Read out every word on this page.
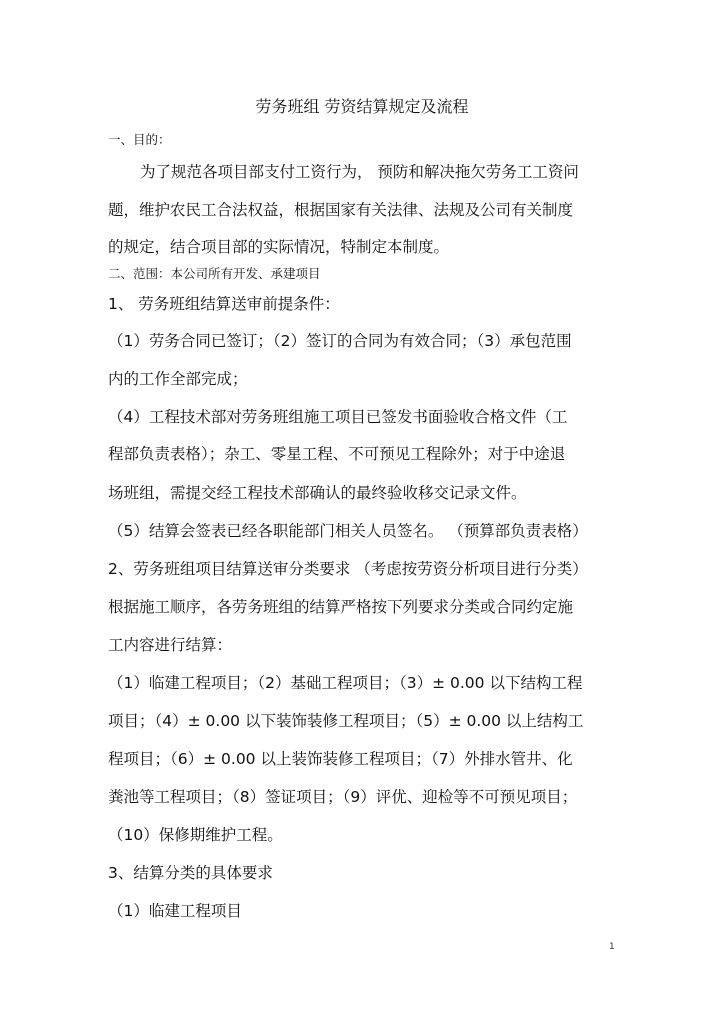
劳务班组 劳资结算规定及流程
一、目的：
为了规范各项目部支付工资行为， 预防和解决拖欠劳务工工资问
题，维护农民工合法权益，根据国家有关法律、法规及公司有关制度
的规定，结合项目部的实际情况，特制定本制度。
二、范围：本公司所有开发、承建项目
1、 劳务班组结算送审前提条件：
（1）劳务合同已签订；（2）签订的合同为有效合同；（3）承包范围
内的工作全部完成；
（4）工程技术部对劳务班组施工项目已签发书面验收合格文件（工
程部负责表格）；杂工、零星工程、不可预见工程除外；对于中途退
场班组，需提交经工程技术部确认的最终验收移交记录文件。
（5）结算会签表已经各职能部门相关人员签名。 （预算部负责表格）
2、劳务班组项目结算送审分类要求 （考虑按劳资分析项目进行分类）
根据施工顺序，各劳务班组的结算严格按下列要求分类或合同约定施
工内容进行结算：
（1）临建工程项目；（2）基础工程项目；（3）± 0.00 以下结构工程
项目；（4）± 0.00 以下装饰装修工程项目；（5）± 0.00 以上结构工
程项目；（6）± 0.00 以上装饰装修工程项目；（7）外排水管井、化
粪池等工程项目；（8）签证项目；（9）评优、迎检等不可预见项目；
（10）保修期维护工程。
3、结算分类的具体要求
（1）临建工程项目
1
